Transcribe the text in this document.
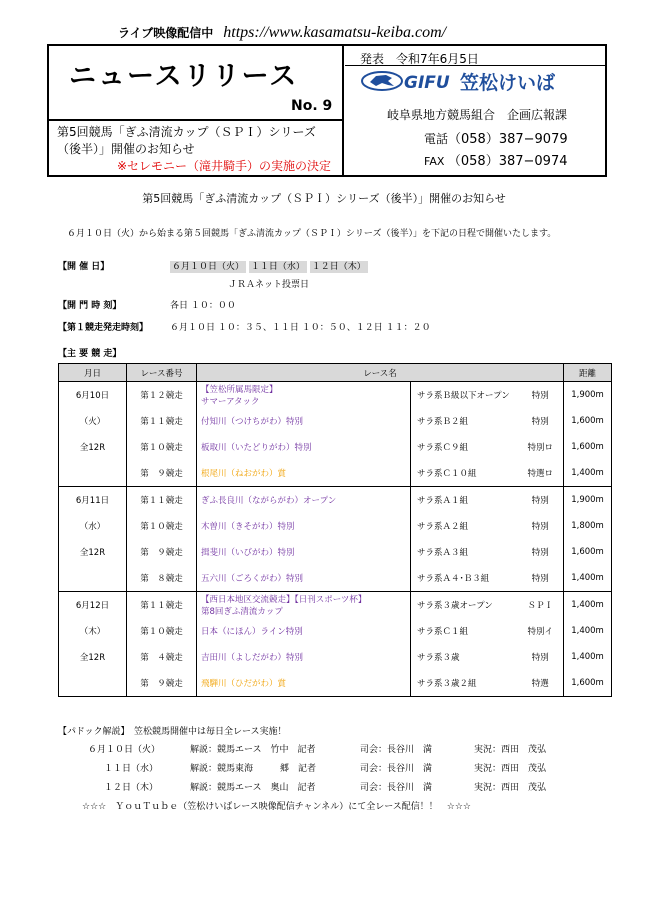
ライブ映像配信中 https://www.kasamatsu-keiba.com/
ニュースリリース
No. 9
第5回競馬「ぎふ清流カップ（ＳＰＩ）シリーズ
（後半）」開催のお知らせ
※セレモニー（滝井騎手）の実施の決定
発表　令和7年6月5日
GIFU 笠松けいば
岐阜県地方競馬組合　企画広報課
電話（058）387−9079
FAX （058）387−0974
第5回競馬「ぎふ清流カップ（ＳＰＩ）シリーズ（後半）」開催のお知らせ
６月１０日（火）から始まる第５回競馬「ぎふ清流カップ（ＳＰＩ）シリーズ（後半）」を下記の日程で開催いたします。
【開 催 日】	６月１０日（火） １１日（水） １２日（木）
ＪＲＡネット投票日
【開 門 時 刻】	各日 １０：００
【第１競走発走時刻】 ６月１０日 １０：３５、１１日 １０：５０、１２日 １１：２０
【主 要 競 走】
月日	レース番号	レース名			距離
6月10日	第１２競走	【笠松所属馬限定】
サマーアタック	サラ系Ｂ級以下オープン	特別	1,900m
（火）	第１１競走	付知川（つけちがわ）特別	サラ系Ｂ２組	特別	1,600m
全12R	第１０競走	板取川（いたどりがわ）特別	サラ系Ｃ９組	特別ロ	1,600m
	第　９競走	根尾川（ねおがわ）賞	サラ系Ｃ１０組	特選ロ	1,400m
6月11日	第１１競走	ぎふ長良川（ながらがわ）オープン	サラ系Ａ１組	特別	1,900m
（水）	第１０競走	木曽川（きそがわ）特別	サラ系Ａ２組	特別	1,800m
全12R	第　９競走	揖斐川（いびがわ）特別	サラ系Ａ３組	特別	1,600m
	第　８競走	五六川（ごろくがわ）特別	サラ系Ａ４･Ｂ３組	特別	1,400m
6月12日	第１１競走	【西日本地区交流競走】【日刊スポーツ杯】
第8回ぎふ清流カップ	サラ系３歳オープン	ＳＰＩ	1,400m
（木）	第１０競走	日本（にほん）ライン特別	サラ系Ｃ１組	特別イ	1,400m
全12R	第　４競走	吉田川（よしだがわ）特別	サラ系３歳	特別	1,400m
	第　９競走	飛騨川（ひだがわ）賞	サラ系３歳２組	特選	1,600m
【パドック解説】　笠松競馬開催中は毎日全レース実施！
６月１０日（火）	解説：競馬エース　竹中　記者	司会：長谷川　満	実況：西田　茂弘
１１日（水）	解説：競馬東海　　　郷　記者	司会：長谷川　満	実況：西田　茂弘
１２日（木）	解説：競馬エース　奥山　記者	司会：長谷川　満	実況：西田　茂弘
☆☆☆　ＹｏｕＴｕｂｅ（笠松けいばレース映像配信チャンネル）にて全レース配信！！　☆☆☆
